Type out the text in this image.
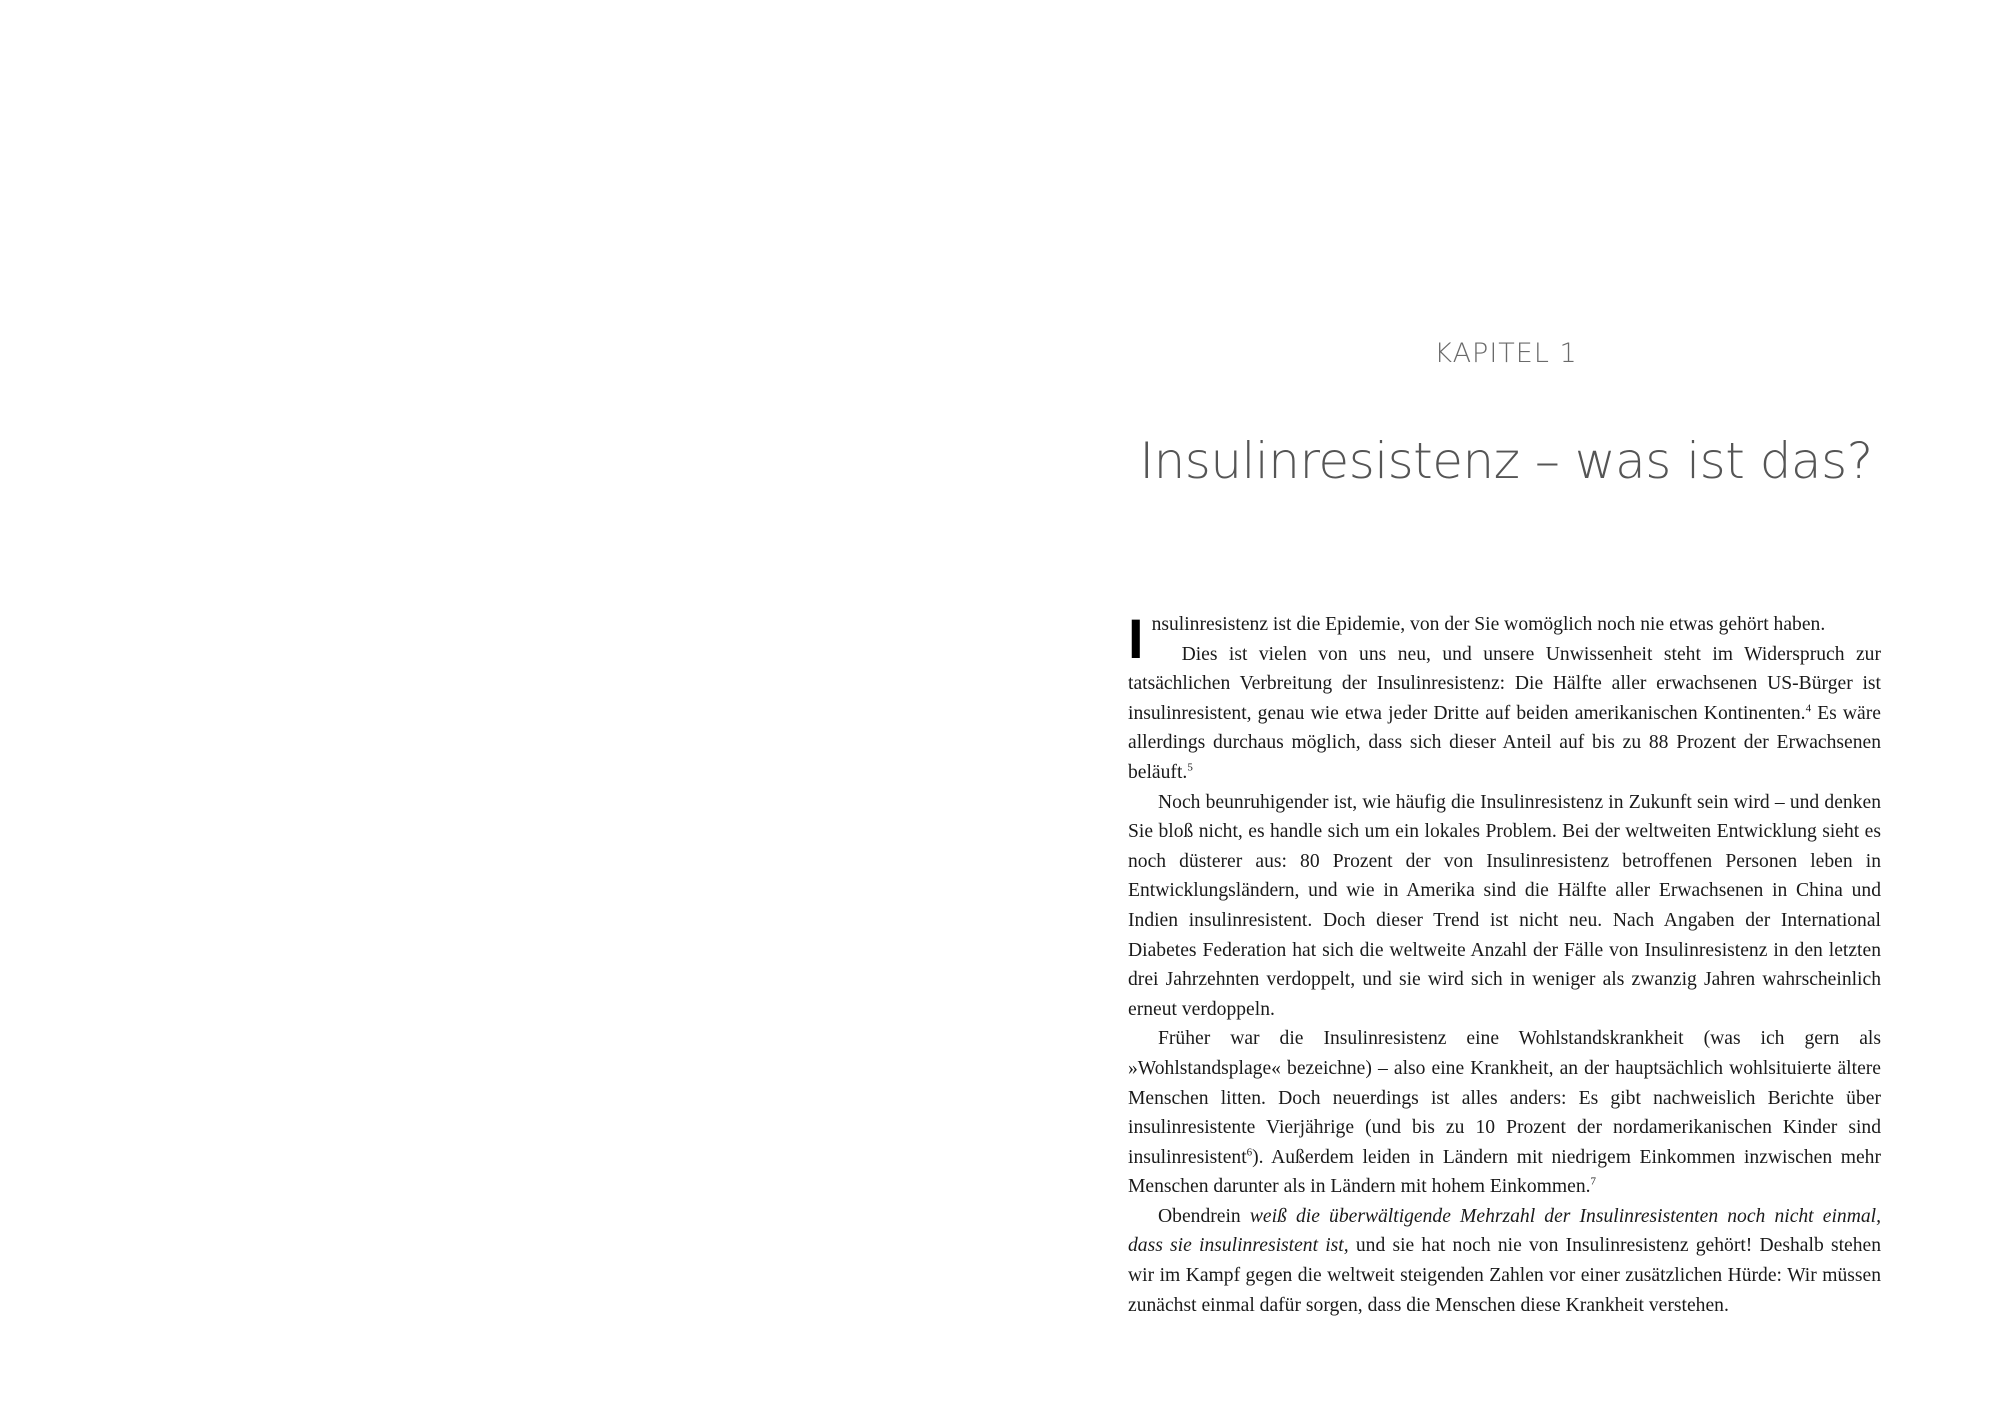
KAPITEL 1
Insulinresistenz – was ist das?

Insulinresistenz ist die Epidemie, von der Sie womöglich noch nie etwas gehört haben.

Dies ist vielen von uns neu, und unsere Unwissenheit steht im Widerspruch zur tatsächlichen Verbreitung der Insulinresistenz: Die Hälfte aller erwachsenen US-Bürger ist insulinresistent, genau wie etwa jeder Dritte auf beiden amerikanischen Kontinenten.$^4$ Es wäre allerdings durchaus möglich, dass sich dieser Anteil auf bis zu 88 Prozent der Erwachsenen beläuft.$^5$

Noch beunruhigender ist, wie häufig die Insulinresistenz in Zukunft sein wird – und denken Sie bloß nicht, es handle sich um ein lokales Problem. Bei der weltweiten Entwicklung sieht es noch düsterer aus: 80 Prozent der von Insulinresistenz betroffenen Personen leben in Entwicklungsländern, und wie in Amerika sind die Hälfte aller Erwachsenen in China und Indien insulinresistent. Doch dieser Trend ist nicht neu. Nach Angaben der International Diabetes Federation hat sich die weltweite Anzahl der Fälle von Insulinresistenz in den letzten drei Jahrzehnten verdoppelt, und sie wird sich in weniger als zwanzig Jahren wahrscheinlich erneut verdoppeln.

Früher war die Insulinresistenz eine Wohlstandskrankheit (was ich gern als »Wohlstandsplage« bezeichne) – also eine Krankheit, an der hauptsächlich wohlsituierte ältere Menschen litten. Doch neuerdings ist alles anders: Es gibt nachweislich Berichte über insulinresistente Vierjährige (und bis zu 10 Prozent der nordamerikanischen Kinder sind insulinresistent$^6$). Außerdem leiden in Ländern mit niedrigem Einkommen inzwischen mehr Menschen darunter als in Ländern mit hohem Einkommen.$^7$

Obendrein weiß die überwältigende Mehrzahl der Insulinresistenten noch nicht einmal, dass sie insulinresistent ist, und sie hat noch nie von Insulinresistenz gehört! Deshalb stehen wir im Kampf gegen die weltweit steigenden Zahlen vor einer zusätzlichen Hürde: Wir müssen zunächst einmal dafür sorgen, dass die Menschen diese Krankheit verstehen.
